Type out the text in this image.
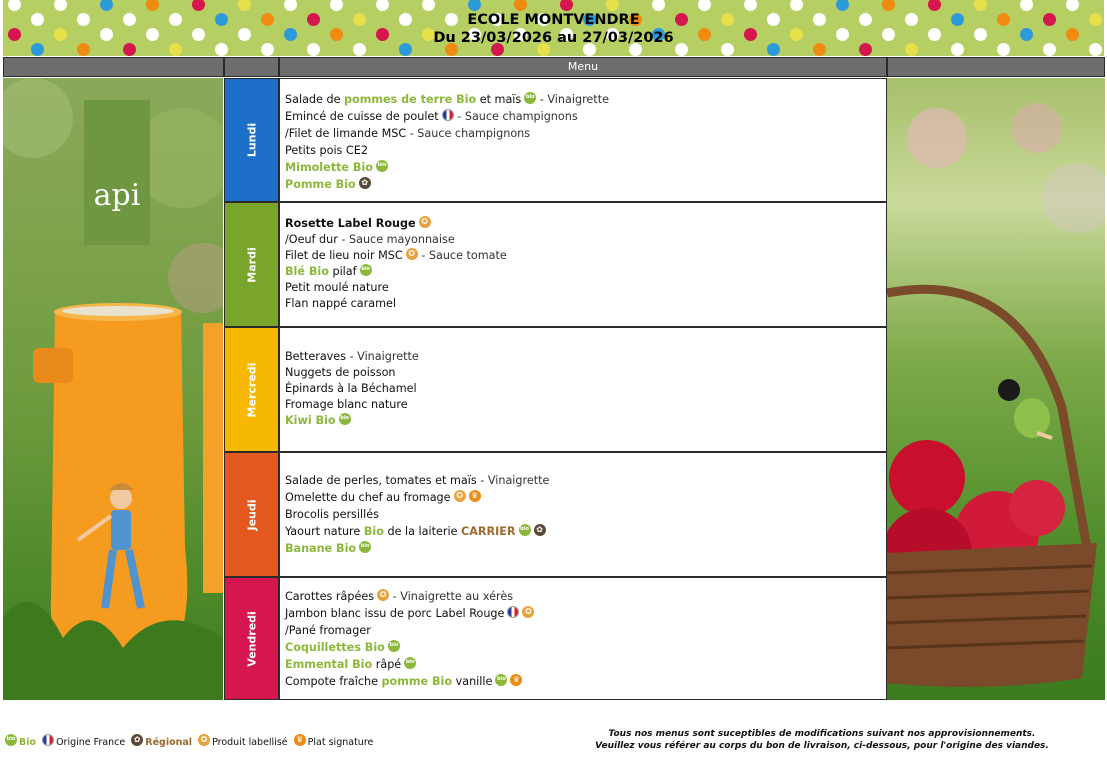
ECOLE MONTVENDRE
Du 23/03/2026 au 27/03/2026
Menu
api
Lundi
Salade de pommes de terre Bio et maïsbio - Vinaigrette
Emincé de cuisse de poulet - Sauce champignons
/Filet de limande MSC - Sauce champignons
Petits pois CE2
Mimolette Biobio
Pomme Bio✿
Mardi
Rosette Label Rouge✪
/Oeuf dur - Sauce mayonnaise
Filet de lieu noir MSC✪ - Sauce tomate
Blé Bio pilafbio
Petit moulé nature
Flan nappé caramel
Mercredi
Betteraves - Vinaigrette
Nuggets de poisson
Épinards à la Béchamel
Fromage blanc nature
Kiwi Biobio
Jeudi
Salade de perles, tomates et maïs - Vinaigrette
Omelette du chef au fromage✪♛
Brocolis persillés
Yaourt nature Bio de la laiterie CARRIERbio✿
Banane Biobio
Vendredi
Carottes râpées✪ - Vinaigrette au xérès
Jambon blanc issu de porc Label Rouge✪
/Pané fromager
Coquillettes Biobio
Emmental Bio râpébio
Compote fraîche pomme Bio vanillebio♛
bioBio Origine France ✿ Régional ✪ Produit labellisé ♛ Plat signature
Tous nos menus sont suceptibles de modifications suivant nos approvisionnements.
Veuillez vous référer au corps du bon de livraison, ci-dessous, pour l'origine des viandes.
